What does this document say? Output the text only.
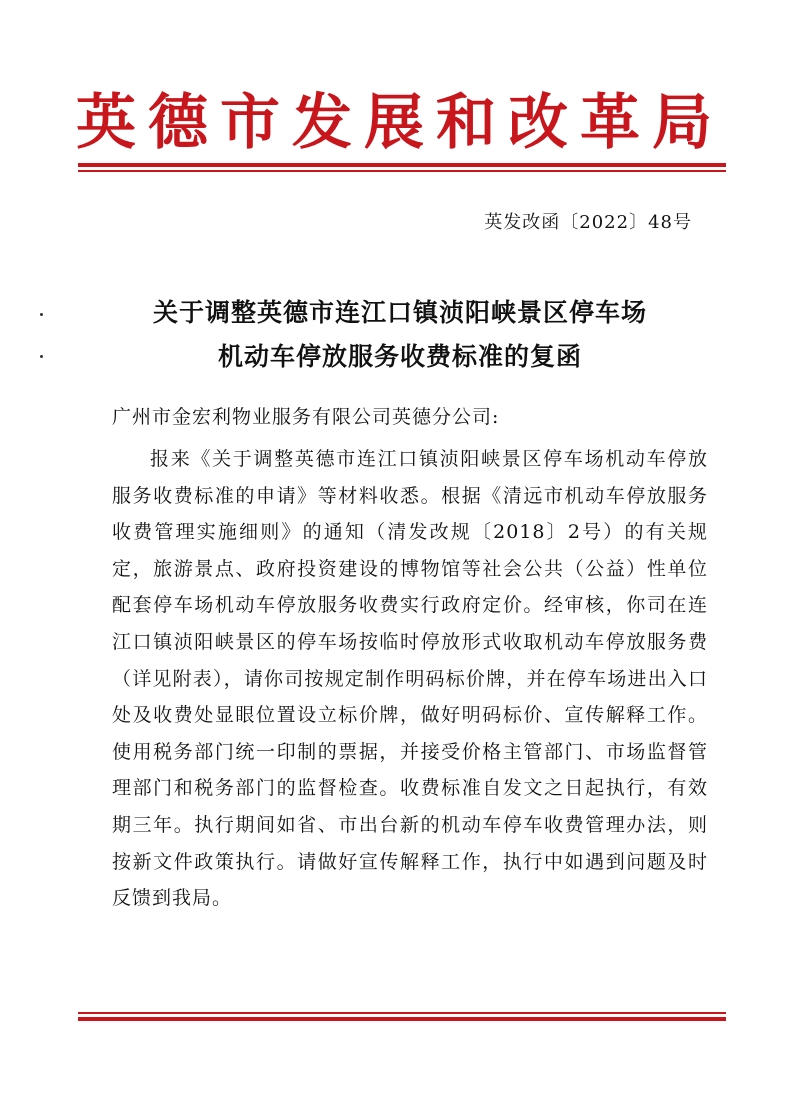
英德市发展和改革局
英发改函〔2022〕48号
关于调整英德市连江口镇浈阳峡景区停车场
机动车停放服务收费标准的复函
广州市金宏利物业服务有限公司英德分公司:
报来《关于调整英德市连江口镇浈阳峡景区停车场机动车停放服务收费标准的申请》等材料收悉。根据《清远市机动车停放服务收费管理实施细则》的通知（清发改规〔2018〕2号）的有关规定，旅游景点、政府投资建设的博物馆等社会公共（公益）性单位配套停车场机动车停放服务收费实行政府定价。经审核，你司在连江口镇浈阳峡景区的停车场按临时停放形式收取机动车停放服务费（详见附表），请你司按规定制作明码标价牌，并在停车场进出入口处及收费处显眼位置设立标价牌，做好明码标价、宣传解释工作。使用税务部门统一印制的票据，并接受价格主管部门、市场监督管理部门和税务部门的监督检查。收费标准自发文之日起执行，有效期三年。执行期间如省、市出台新的机动车停车收费管理办法，则按新文件政策执行。请做好宣传解释工作，执行中如遇到问题及时反馈到我局。
